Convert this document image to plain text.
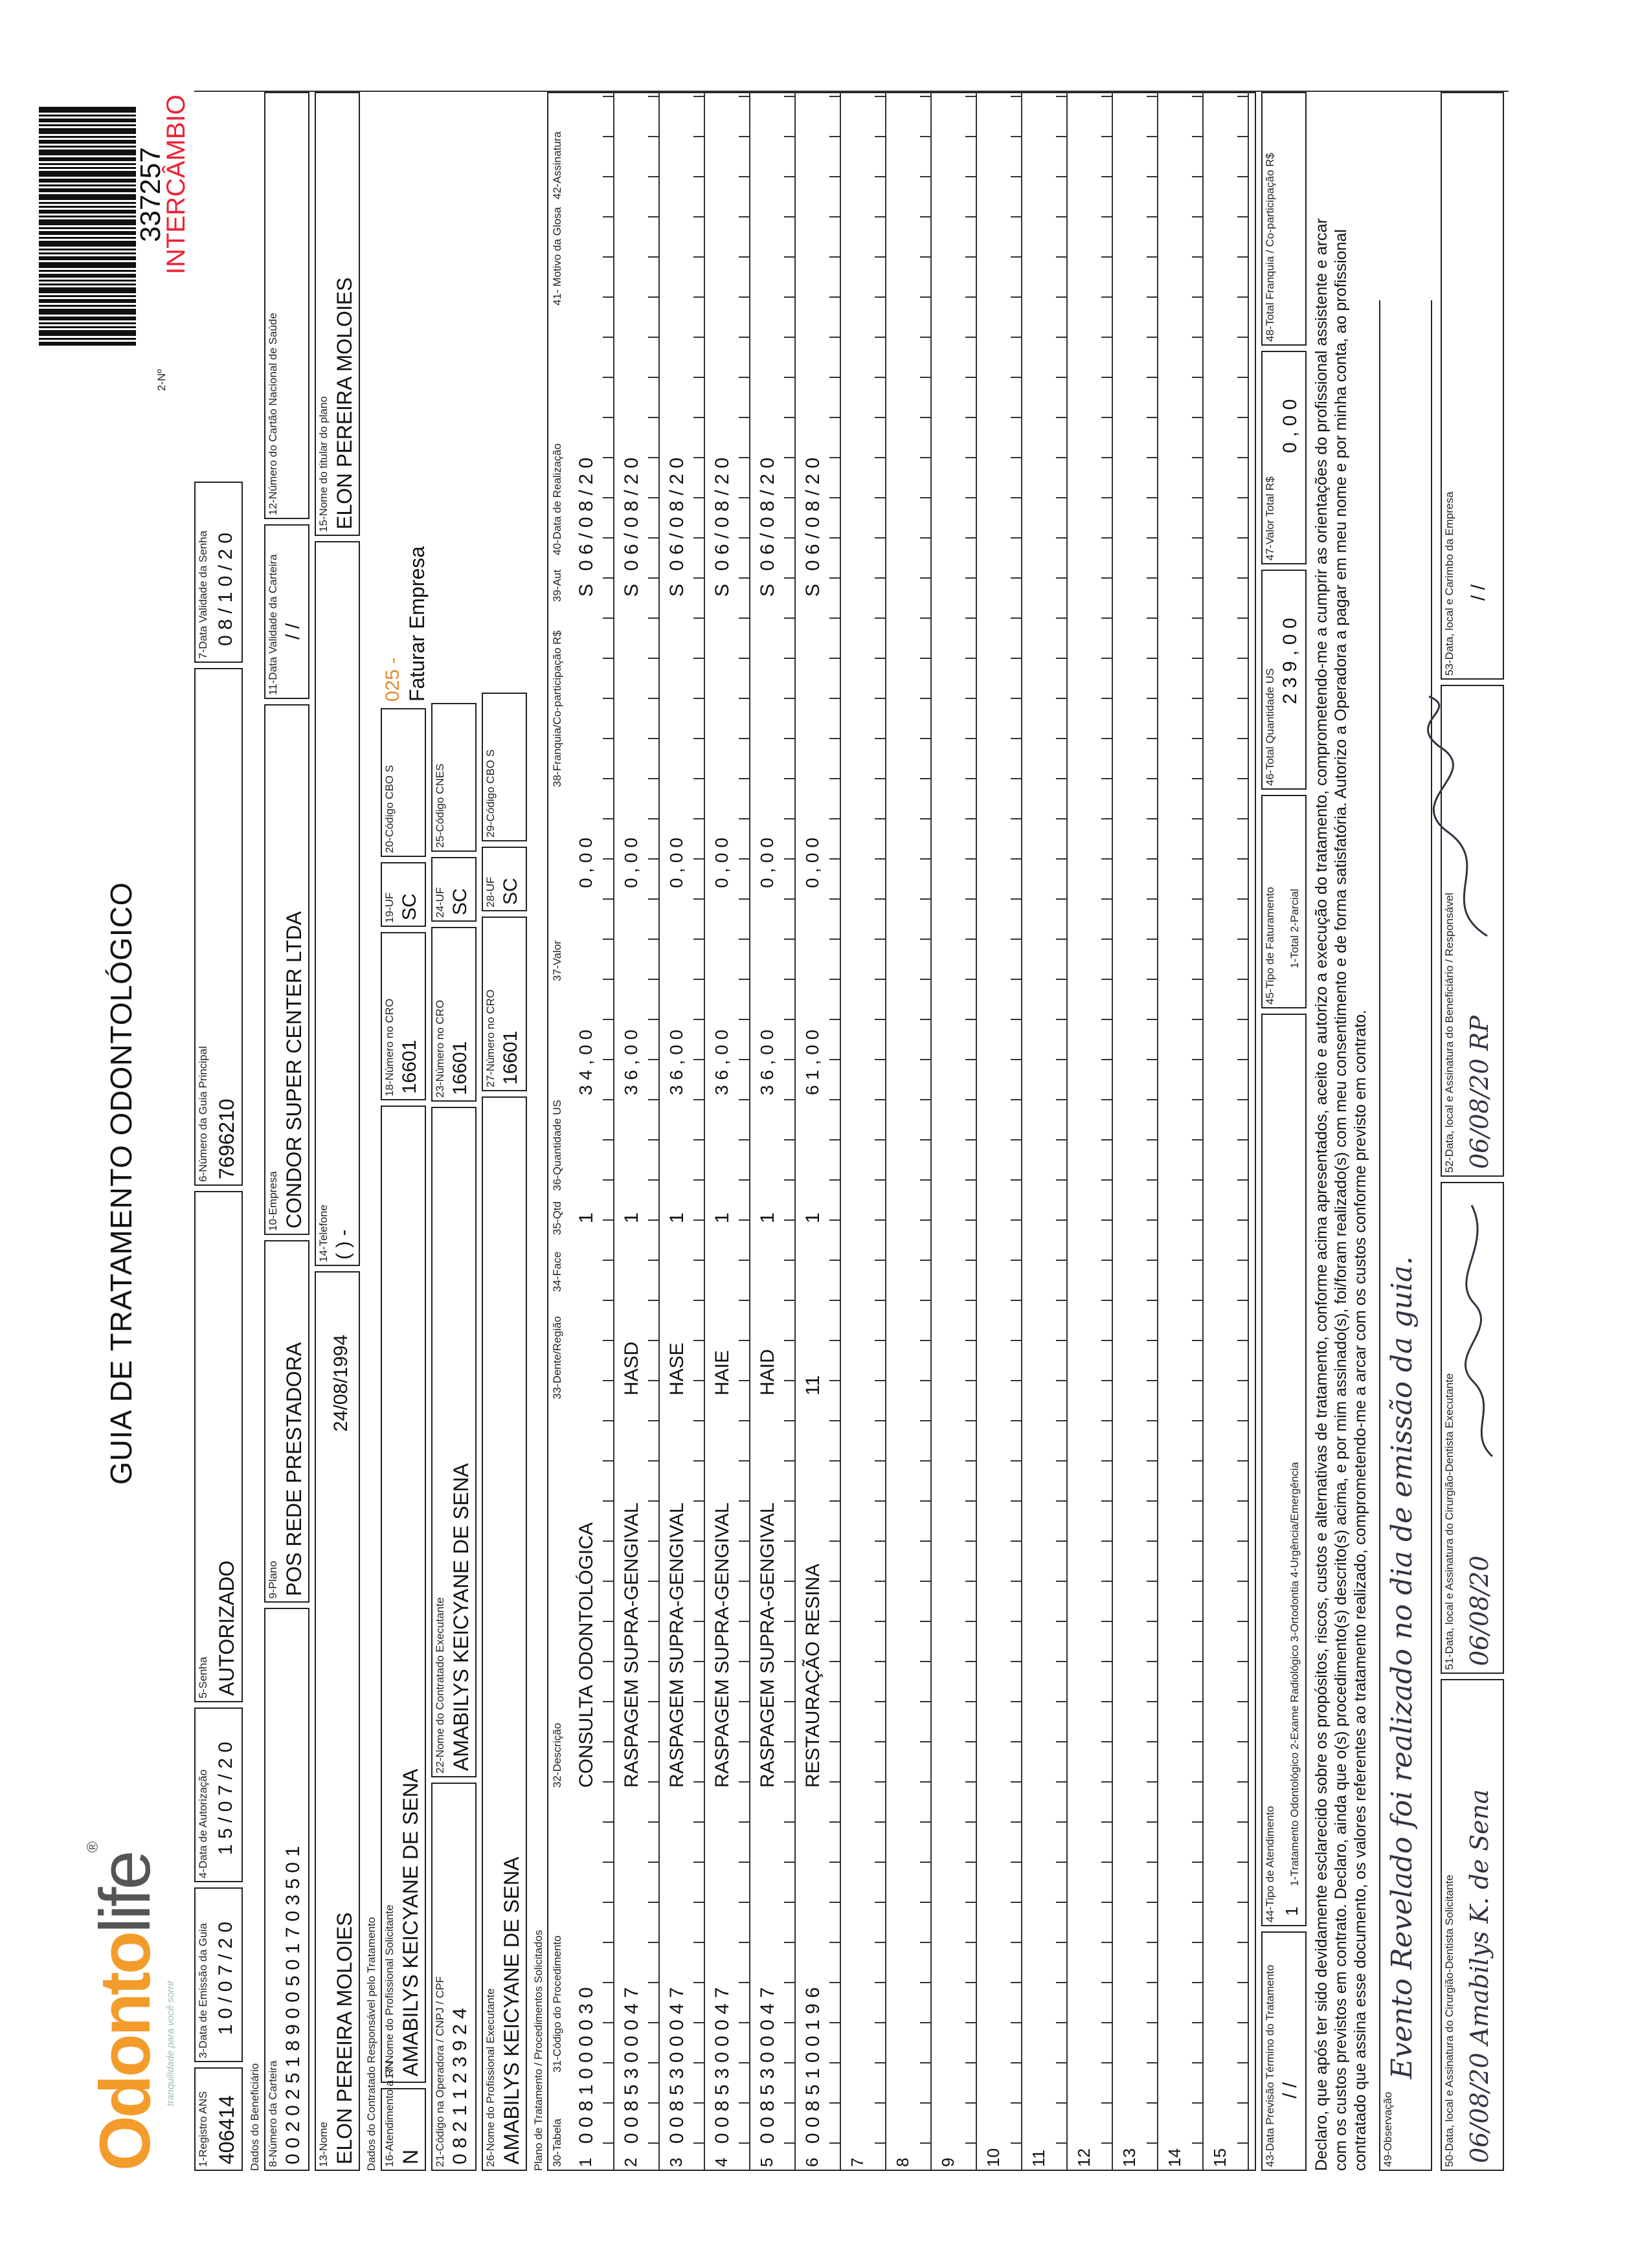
Odontolife®
tranquilidade para você sorrir
GUIA DE TRATAMENTO ODONTOLÓGICO
2-Nº
337257
INTERCÂMBIO
1-Registro ANS 406414
3-Data de Emissão da Guia 1 0 / 0 7 / 2 0
4-Data de Autorização 1 5 / 0 7 / 2 0
5-Senha AUTORIZADO
6-Número da Guia Principal 7696210
7-Data Validade da Senha 0 8 / 1 0 / 2 0
Dados do Beneficiário 8-Número da Carteira 0 0 2 0 2 5 1 8 9 0 0 5 0 1 7 0 3 5 0 1
9-Plano POS REDE PRESTADORA
10-Empresa CONDOR SUPER CENTER LTDA
11-Data Validade da Carteira / /
12-Número do Cartão Nacional de Saúde
13-Nome ELON PEREIRA MOLOIES
24/08/1994
14-Telefone ( ) -
15-Nome do titular do plano ELON PEREIRA MOLOIES
Dados do Contratado Responsável pelo Tratamento 16-Atendimento a RN N
17-Nome do Profissional Solicitante AMABILYS KEICYANE DE SENA
18-Número no CRO 16601
19-UF SC
20-Código CBO S
025 - Faturar Empresa
21-Código na Operadora / CNPJ / CPF 0 8 2 1 1 2 3 9 2 4
22-Nome do Contratado Executante AMABILYS KEICYANE DE SENA
23-Número no CRO 16601
24-UF SC
25-Código CNES
26-Nome do Profissional Executante AMABILYS KEICYANE DE SENA
27-Número no CRO 16601
28-UF SC
29-Código CBO S
Plano de Tratamento / Procedimentos Solicitados 30-Tabela
31-Código do Procedimento
32-Descrição
33-Dente/Região
34-Face
35-Qtd
36-Quantidade US
37-Valor
38-Franquia/Co-participação R$
39-Aut
40-Data de Realização
41- Motivo da Glosa
42-Assinatura
1
0 0 8 1 0 0 0 0 3 0
CONSULTA ODONTOLÓGICA
1
3 4 , 0 0
0 , 0 0
S
0 6 / 0 8 / 2 0
2
0 0 8 5 3 0 0 0 4 7
RASPAGEM SUPRA-GENGIVAL
HASD
1
3 6 , 0 0
0 , 0 0
S
0 6 / 0 8 / 2 0
3
0 0 8 5 3 0 0 0 4 7
RASPAGEM SUPRA-GENGIVAL
HASE
1
3 6 , 0 0
0 , 0 0
S
0 6 / 0 8 / 2 0
4
0 0 8 5 3 0 0 0 4 7
RASPAGEM SUPRA-GENGIVAL
HAIE
1
3 6 , 0 0
0 , 0 0
S
0 6 / 0 8 / 2 0
5
0 0 8 5 3 0 0 0 4 7
RASPAGEM SUPRA-GENGIVAL
HAID
1
3 6 , 0 0
0 , 0 0
S
0 6 / 0 8 / 2 0
6
0 0 8 5 1 0 0 1 9 6
RESTAURAÇÃO RESINA
11
1
6 1 , 0 0
0 , 0 0
S
0 6 / 0 8 / 2 0
7 8 9 10 11 12 13 14 15	43-Data Previsão Término do Tratamento / /
44-Tipo de Atendimento 1
1-Tratamento Odontológico 2-Exame Radiológico 3-Ortodontia 4-Urgência/Emergência
45-Tipo de Faturamento 1-Total 2-Parcial
46-Total Quantidade US
2 3 9 , 0 0
47-Valor Total R$
0 , 0 0
48-Total Franquia / Co-participação R$ Declaro, que após ter sido devidamente esclarecido sobre os propósitos, riscos, custos e alternativas de tratamento, conforme acima apresentados, aceito e autorizo a execução do tratamento, comprometendo-me a cumprir as orientações do profissional assistente e arcar com os custos previstos em contrato. Declaro, ainda que o(s) procedimento(s) descrito(s) acima, e por mim assinado(s), foi/foram realizado(s) com meu consentimento e de forma satisfatória. Autorizo a Operadora a pagar em meu nome e por minha conta, ao profissional contratado que assina esse documento, os valores referentes ao tratamento realizado, comprometendo-me a arcar com os custos conforme previsto em contrato. 49-Observação
Evento Revelado foi realizado no dia de emissão da guia. 50-Data, local e Assinatura do Cirurgião-Dentista Solicitante 06/08/20 Amabilys K. de Sena
51-Data, local e Assinatura do Cirurgião-Dentista Executante 06/08/20
52-Data, local e Assinatura do Beneficiário / Responsável 06/08/20 RP
53-Data, local e Carimbo da Empresa / /
